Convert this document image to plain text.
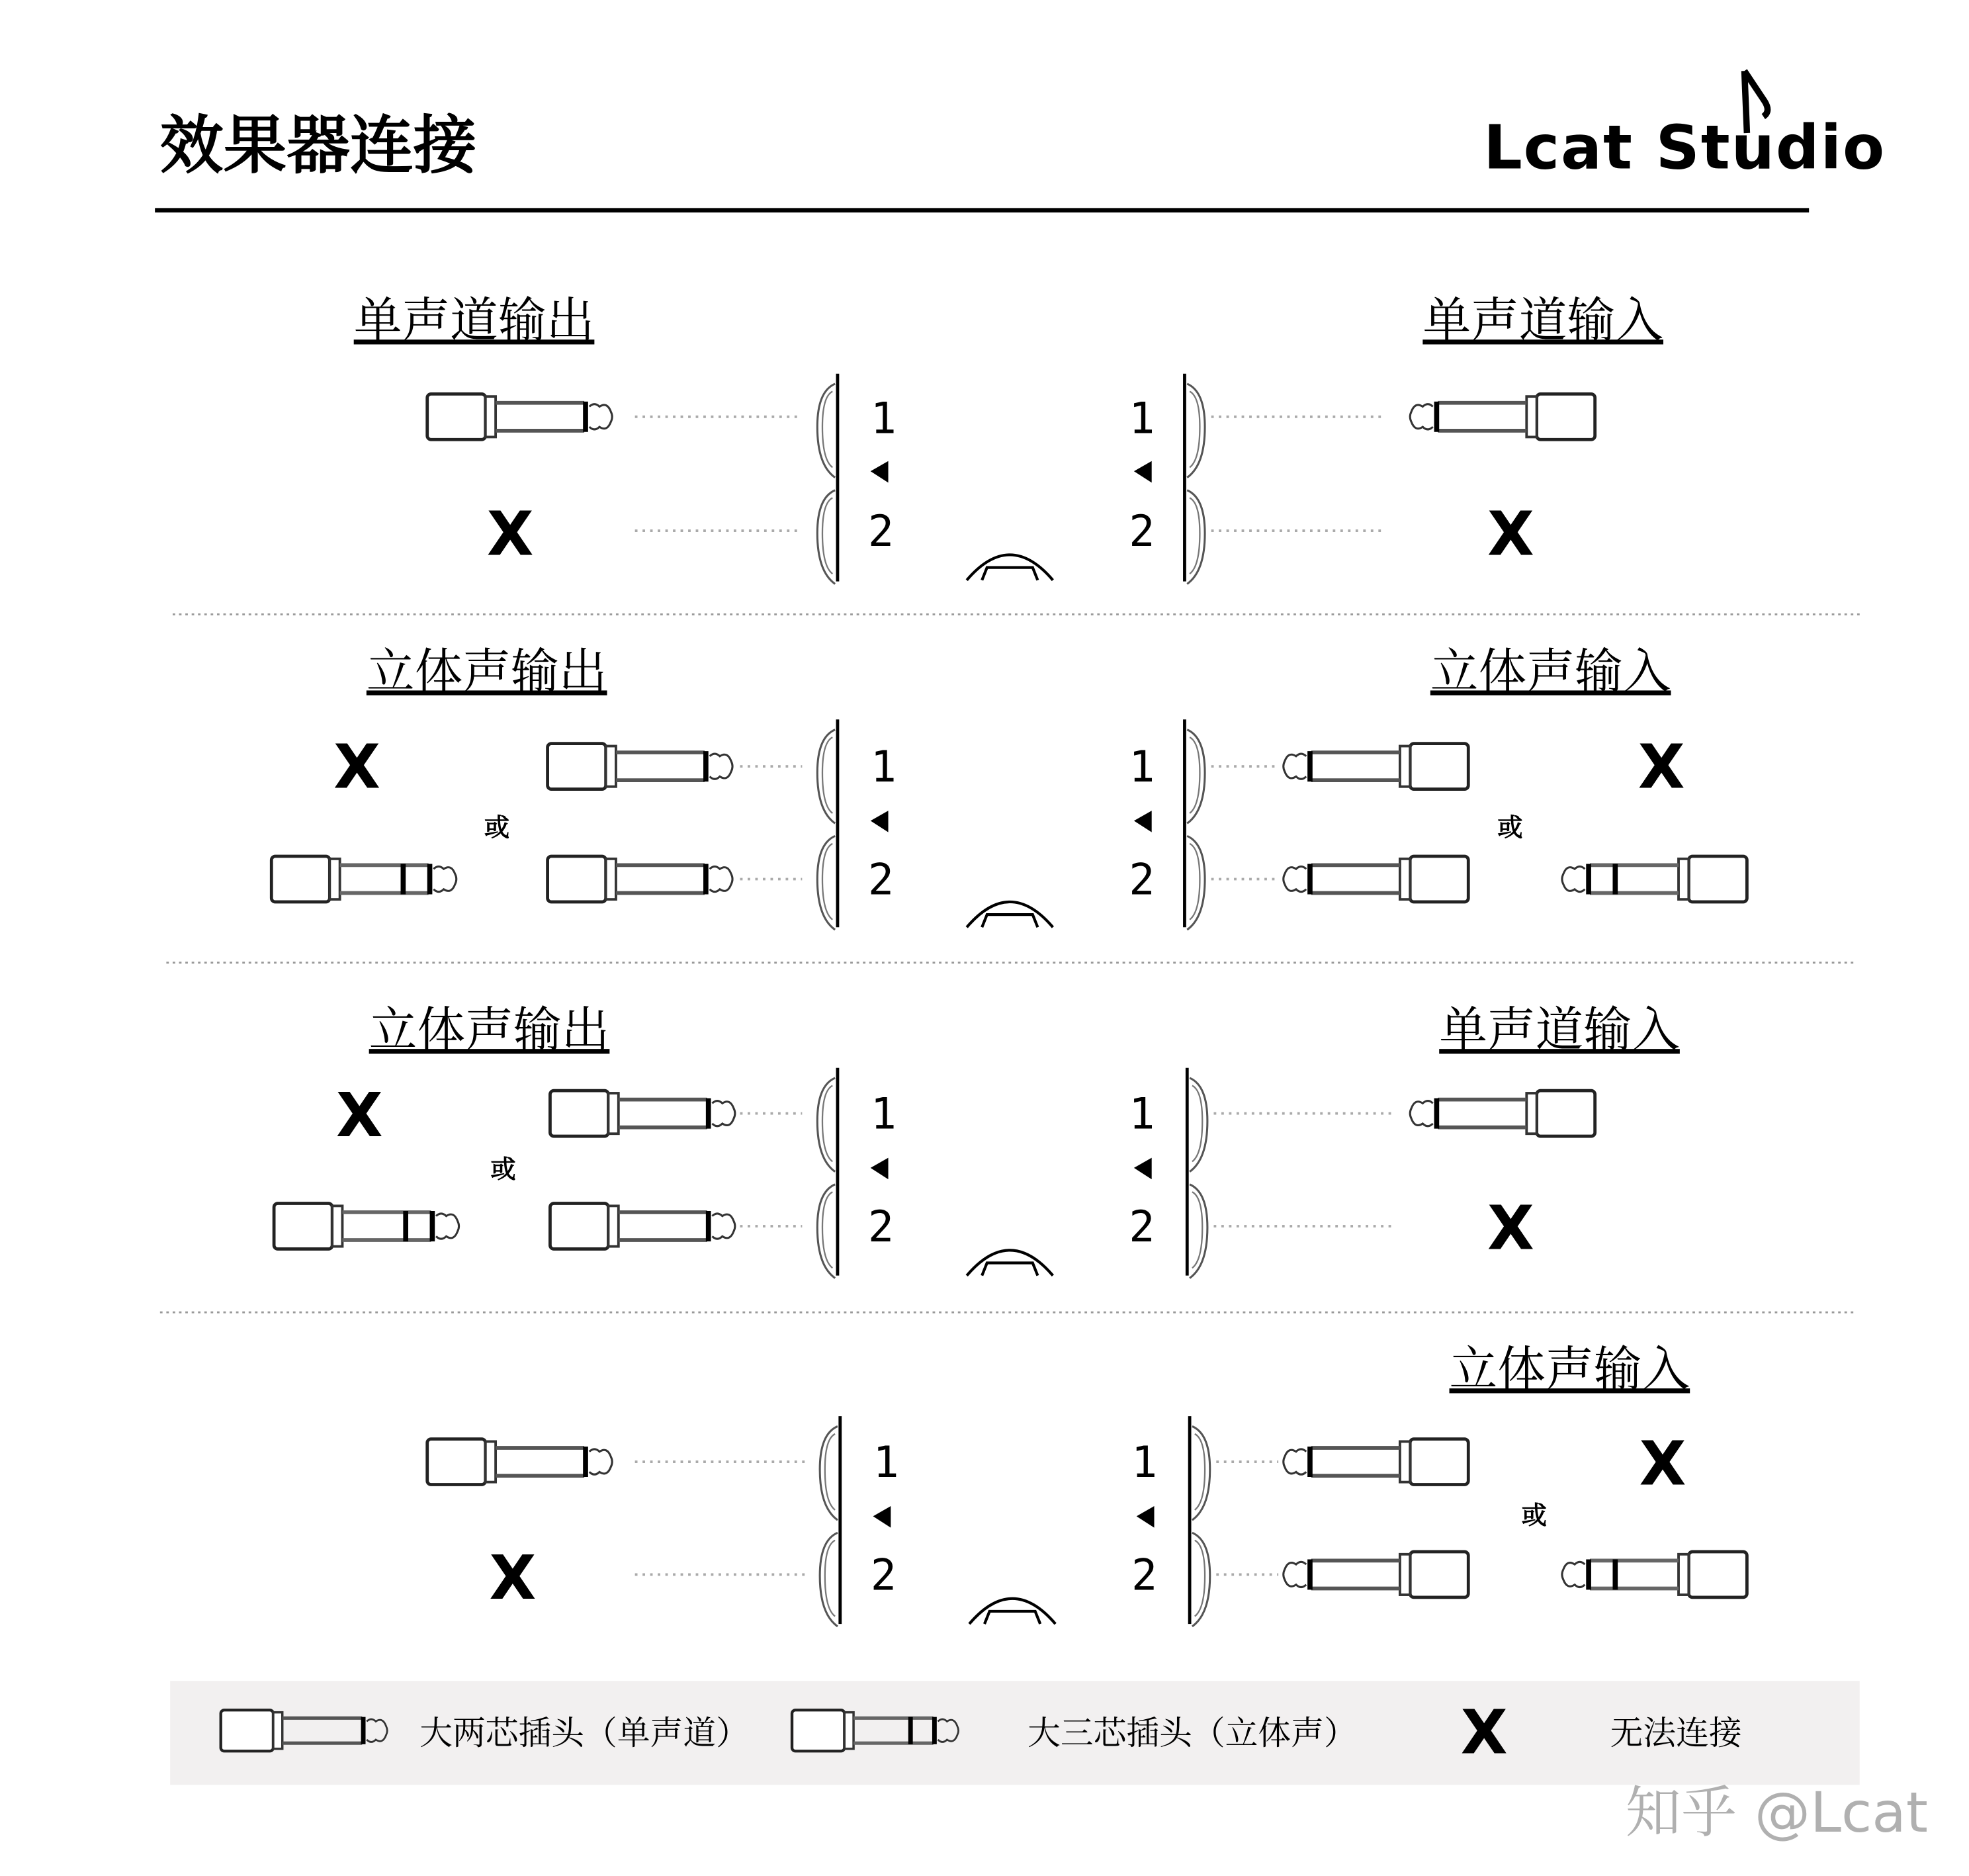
效果器连接	Lcat Studio
单声道输出	单声道输入
X
1
2
1
2	X
立体声输出	立体声输入
X
或
1
2
1
2
或
X
立体声输出	单声道输入
X
或
1
2
1
2	X
立体声输入
X
1
2
1
2
或
X
大两芯插头（单声道）	大三芯插头（立体声）	X	无法连接
知乎 @Lcat
